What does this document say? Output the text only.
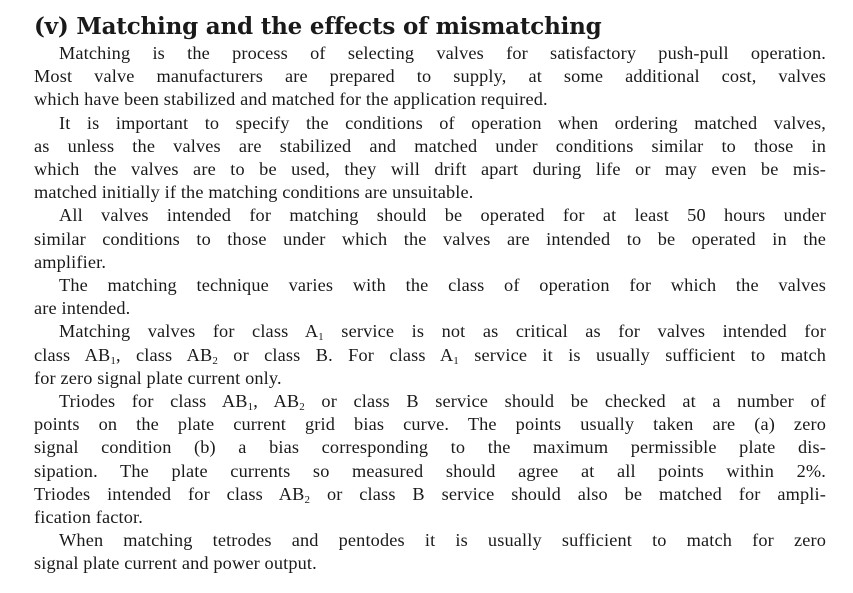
(v) Matching and the effects of mismatching
Matching is the process of selecting valves for satisfactory push-pull operation.
Most valve manufacturers are prepared to supply, at some additional cost, valves
which have been stabilized and matched for the application required.
It is important to specify the conditions of operation when ordering matched valves,
as unless the valves are stabilized and matched under conditions similar to those in
which the valves are to be used, they will drift apart during life or may even be mis-
matched initially if the matching conditions are unsuitable.
All valves intended for matching should be operated for at least 50 hours under
similar conditions to those under which the valves are intended to be operated in the
amplifier.
The matching technique varies with the class of operation for which the valves
are intended.
Matching valves for class $A_1$ service is not as critical as for valves intended for
class $AB_1$, class $AB_2$ or class B. For class $A_1$ service it is usually sufficient to match
for zero signal plate current only.
Triodes for class $AB_1$, $AB_2$ or class B service should be checked at a number of
points on the plate current grid bias curve. The points usually taken are (a) zero
signal condition (b) a bias corresponding to the maximum permissible plate dis-
sipation. The plate currents so measured should agree at all points within 2%.
Triodes intended for class $AB_2$ or class B service should also be matched for ampli-
fication factor.
When matching tetrodes and pentodes it is usually sufficient to match for zero
signal plate current and power output.
